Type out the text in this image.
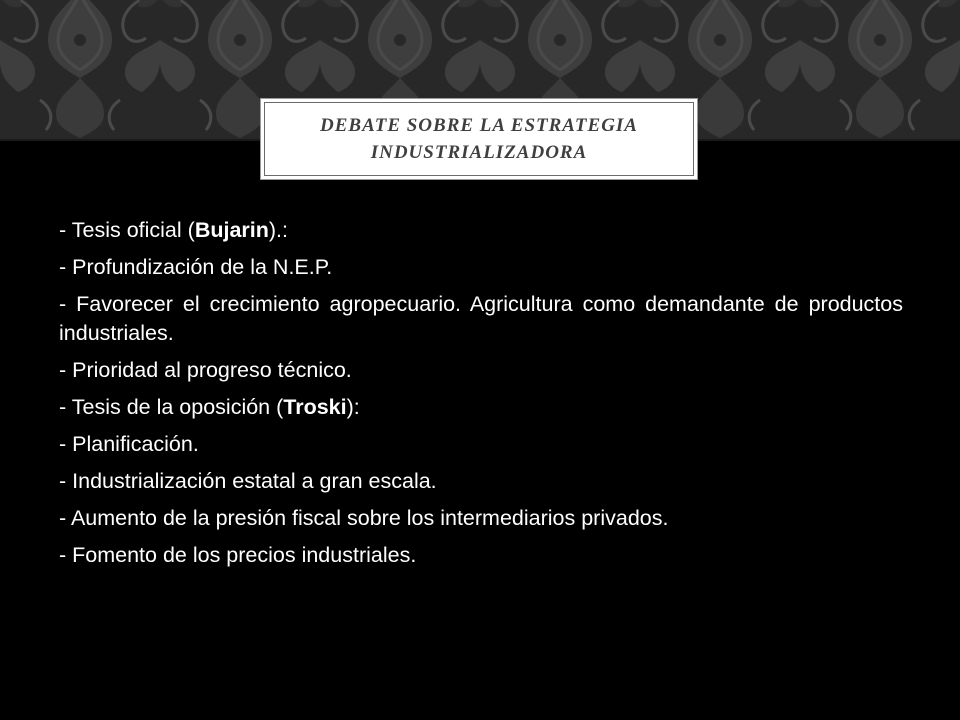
DEBATE SOBRE LA ESTRATEGIA INDUSTRIALIZADORA

- Tesis oficial (Bujarin).:

- Profundización de la N.E.P.

- Favorecer el crecimiento agropecuario. Agricultura como demandante de productos industriales.

- Prioridad al progreso técnico.

- Tesis de la oposición (Troski):

- Planificación.

- Industrialización estatal a gran escala.

- Aumento de la presión fiscal sobre los intermediarios privados.

- Fomento de los precios industriales.
